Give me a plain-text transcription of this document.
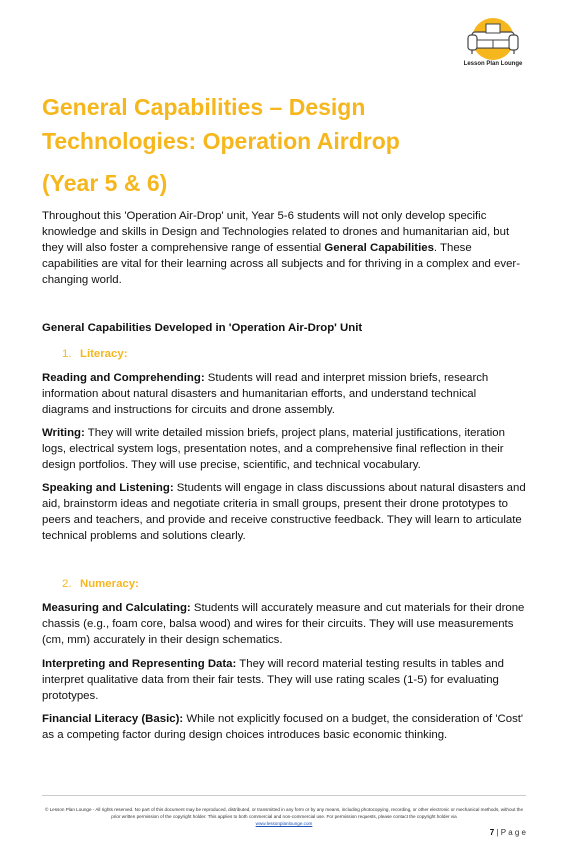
Lesson Plan Lounge
General Capabilities – Design
Technologies: Operation Airdrop
(Year 5 & 6)

Throughout this 'Operation Air-Drop' unit, Year 5-6 students will not only develop specific knowledge and skills in Design and Technologies related to drones and humanitarian aid, but they will also foster a comprehensive range of essential General Capabilities. These capabilities are vital for their learning across all subjects and for thriving in a complex and ever-changing world.

General Capabilities Developed in 'Operation Air-Drop' Unit

1. Literacy:

Reading and Comprehending: Students will read and interpret mission briefs, research information about natural disasters and humanitarian efforts, and understand technical diagrams and instructions for circuits and drone assembly.

Writing: They will write detailed mission briefs, project plans, material justifications, iteration logs, electrical system logs, presentation notes, and a comprehensive final reflection in their design portfolios. They will use precise, scientific, and technical vocabulary.

Speaking and Listening: Students will engage in class discussions about natural disasters and aid, brainstorm ideas and negotiate criteria in small groups, present their drone prototypes to peers and teachers, and provide and receive constructive feedback. They will learn to articulate technical problems and solutions clearly.

2. Numeracy:

Measuring and Calculating: Students will accurately measure and cut materials for their drone chassis (e.g., foam core, balsa wood) and wires for their circuits. They will use measurements (cm, mm) accurately in their design schematics.

Interpreting and Representing Data: They will record material testing results in tables and interpret qualitative data from their fair tests. They will use rating scales (1-5) for evaluating prototypes.

Financial Literacy (Basic): While not explicitly focused on a budget, the consideration of 'Cost' as a competing factor during design choices introduces basic economic thinking.

© Lesson Plan Lounge - All rights reserved. No part of this document may be reproduced, distributed, or transmitted in any form or by any means, including photocopying, recording, or other electronic or mechanical methods, without the prior written permission of the copyright holder. This applies to both commercial and non-commercial use. For permission requests, please contact the copyright holder via
www.lessonplanlounge.com

7 | P a g e
